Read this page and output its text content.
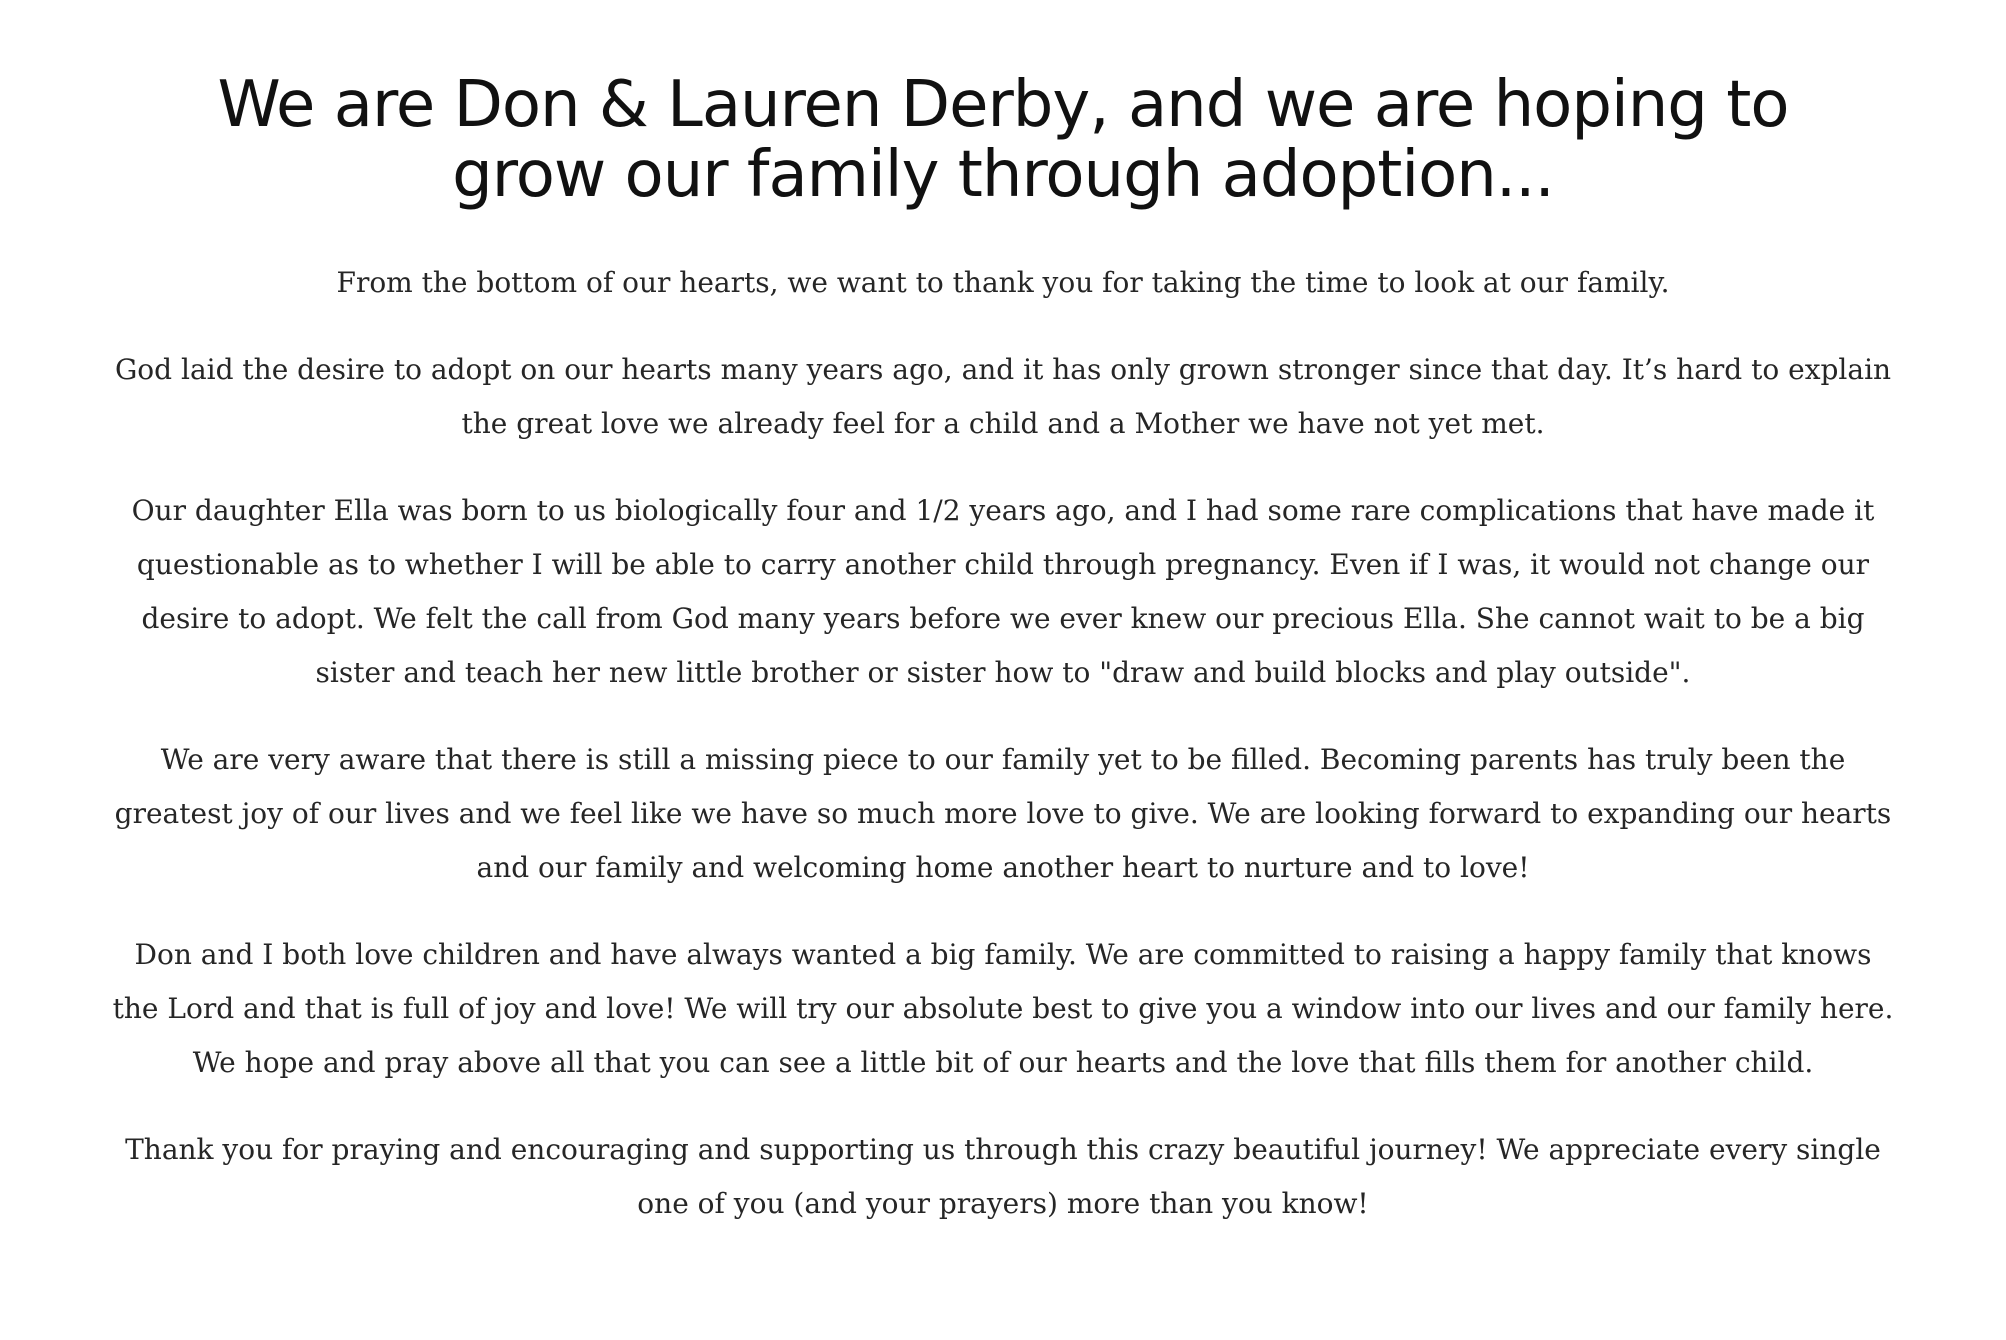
We are Don & Lauren Derby, and we are hoping to grow our family through adoption...

From the bottom of our hearts, we want to thank you for taking the time to look at our family.

God laid the desire to adopt on our hearts many years ago, and it has only grown stronger since that day. It’s hard to explain the great love we already feel for a child and a Mother we have not yet met.

Our daughter Ella was born to us biologically four and 1/2 years ago, and I had some rare complications that have made it questionable as to whether I will be able to carry another child through pregnancy. Even if I was, it would not change our desire to adopt. We felt the call from God many years before we ever knew our precious Ella. She cannot wait to be a big sister and teach her new little brother or sister how to "draw and build blocks and play outside".

We are very aware that there is still a missing piece to our family yet to be filled. Becoming parents has truly been the greatest joy of our lives and we feel like we have so much more love to give. We are looking forward to expanding our hearts and our family and welcoming home another heart to nurture and to love!

Don and I both love children and have always wanted a big family. We are committed to raising a happy family that knows the Lord and that is full of joy and love! We will try our absolute best to give you a window into our lives and our family here. We hope and pray above all that you can see a little bit of our hearts and the love that fills them for another child.

Thank you for praying and encouraging and supporting us through this crazy beautiful journey! We appreciate every single one of you (and your prayers) more than you know!
